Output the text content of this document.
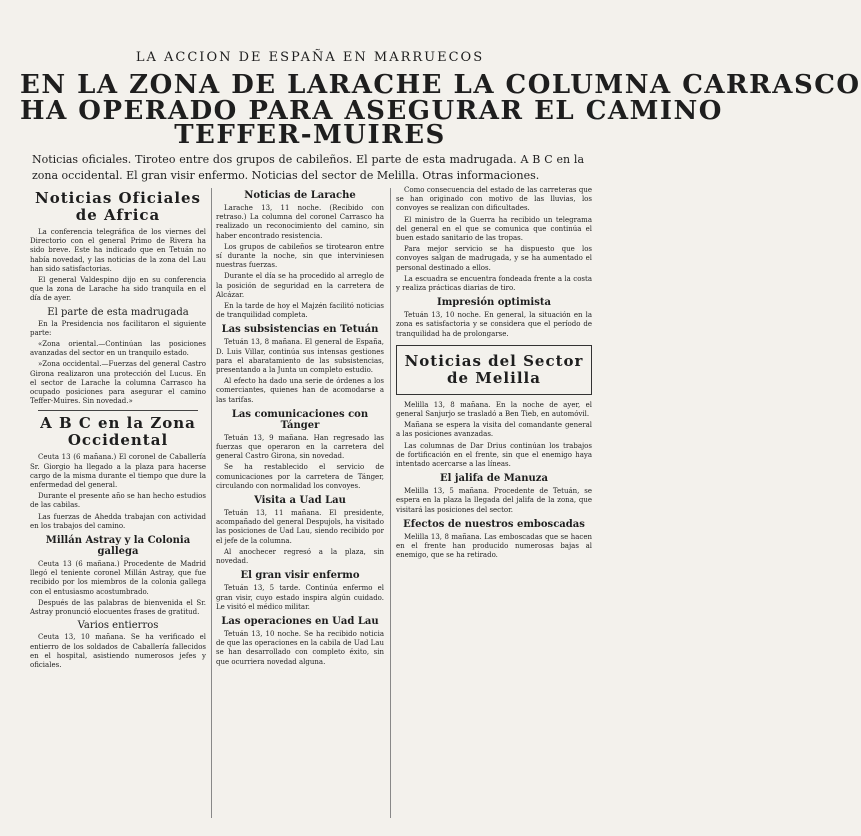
LA ACCION DE ESPAÑA EN MARRUECOS
EN LA ZONA DE LARACHE LA COLUMNA CARRASCO
HA OPERADO PARA ASEGURAR EL CAMINO
TEFFER-MUIRES
Noticias oficiales. Tiroteo entre dos grupos de cabileños. El parte de esta madrugada. A B C en la zona occidental. El gran visir enfermo. Noticias del sector de Melilla. Otras informaciones.
Noticias Oficiales de Africa

La conferencia telegráfica de los viernes del Directorio con el general Primo de Rivera ha sido breve. Este ha indicado que en Tetuán no había novedad, y las noticias de la zona del Lau han sido satisfactorias.

El general Valdespino dijo en su conferencia que la zona de Larache ha sido tranquila en el día de ayer.

El parte de esta madrugada

En la Presidencia nos facilitaron el siguiente parte:

«Zona oriental.—Continúan las posiciones avanzadas del sector en un tranquilo estado.

»Zona occidental.—Fuerzas del general Castro Girona realizaron una protección del Lucus. En el sector de Larache la columna Carrasco ha ocupado posiciones para asegurar el camino Teffer-Muires. Sin novedad.»

A B C en la Zona Occidental

Ceuta 13 (6 mañana.) El coronel de Caballería Sr. Giorgio ha llegado a la plaza para hacerse cargo de la misma durante el tiempo que dure la enfermedad del general.

Durante el presente año se han hecho estudios de las cabilas.

Las fuerzas de Ahedda trabajan con actividad en los trabajos del camino.

Millán Astray y la Colonia gallega

Ceuta 13 (6 mañana.) Procedente de Madrid llegó el teniente coronel Millán Astray, que fue recibido por los miembros de la colonia gallega con el entusiasmo acostumbrado.

Después de las palabras de bienvenida el Sr. Astray pronunció elocuentes frases de gratitud.

Varios entierros

Ceuta 13, 10 mañana. Se ha verificado el entierro de los soldados de Caballería fallecidos en el hospital, asistiendo numerosos jefes y oficiales.

Noticias de Larache

Larache 13, 11 noche. (Recibido con retraso.) La columna del coronel Carrasco ha realizado un reconocimiento del camino, sin haber encontrado resistencia.

Los grupos de cabileños se tirotearon entre sí durante la noche, sin que interviniesen nuestras fuerzas.

Durante el día se ha procedido al arreglo de la posición de seguridad en la carretera de Alcázar.

En la tarde de hoy el Majzén facilitó noticias de tranquilidad completa.

Las subsistencias en Tetuán

Tetuán 13, 8 mañana. El general de España, D. Luis Villar, continúa sus intensas gestiones para el abaratamiento de las subsistencias, presentando a la Junta un completo estudio.

Al efecto ha dado una serie de órdenes a los comerciantes, quienes han de acomodarse a las tarifas.

Las comunicaciones con Tánger

Tetuán 13, 9 mañana. Han regresado las fuerzas que operaron en la carretera del general Castro Girona, sin novedad.

Se ha restablecido el servicio de comunicaciones por la carretera de Tánger, circulando con normalidad los convoyes.

Visita a Uad Lau

Tetuán 13, 11 mañana. El presidente, acompañado del general Despujols, ha visitado las posiciones de Uad Lau, siendo recibido por el jefe de la columna.

Al anochecer regresó a la plaza, sin novedad.

El gran visir enfermo

Tetuán 13, 5 tarde. Continúa enfermo el gran visir, cuyo estado inspira algún cuidado. Le visitó el médico militar.

Las operaciones en Uad Lau

Tetuán 13, 10 noche. Se ha recibido noticia de que las operaciones en la cabila de Uad Lau se han desarrollado con completo éxito, sin que ocurriera novedad alguna.

Como consecuencia del estado de las carreteras que se han originado con motivo de las lluvias, los convoyes se realizan con dificultades.

El ministro de la Guerra ha recibido un telegrama del general en el que se comunica que continúa el buen estado sanitario de las tropas.

Para mejor servicio se ha dispuesto que los convoyes salgan de madrugada, y se ha aumentado el personal destinado a ellos.

La escuadra se encuentra fondeada frente a la costa y realiza prácticas diarias de tiro.

Impresión optimista

Tetuán 13, 10 noche. En general, la situación en la zona es satisfactoria y se considera que el período de tranquilidad ha de prolongarse.

Noticias del Sector de Melilla

Melilla 13, 8 mañana. En la noche de ayer, el general Sanjurjo se trasladó a Ben Tieb, en automóvil.

Mañana se espera la visita del comandante general a las posiciones avanzadas.

Las columnas de Dar Drius continúan los trabajos de fortificación en el frente, sin que el enemigo haya intentado acercarse a las líneas.

El jalifa de Manuza

Melilla 13, 5 mañana. Procedente de Tetuán, se espera en la plaza la llegada del jalifa de la zona, que visitará las posiciones del sector.

Efectos de nuestros emboscadas

Melilla 13, 8 mañana. Las emboscadas que se hacen en el frente han producido numerosas bajas al enemigo, que se ha retirado.
